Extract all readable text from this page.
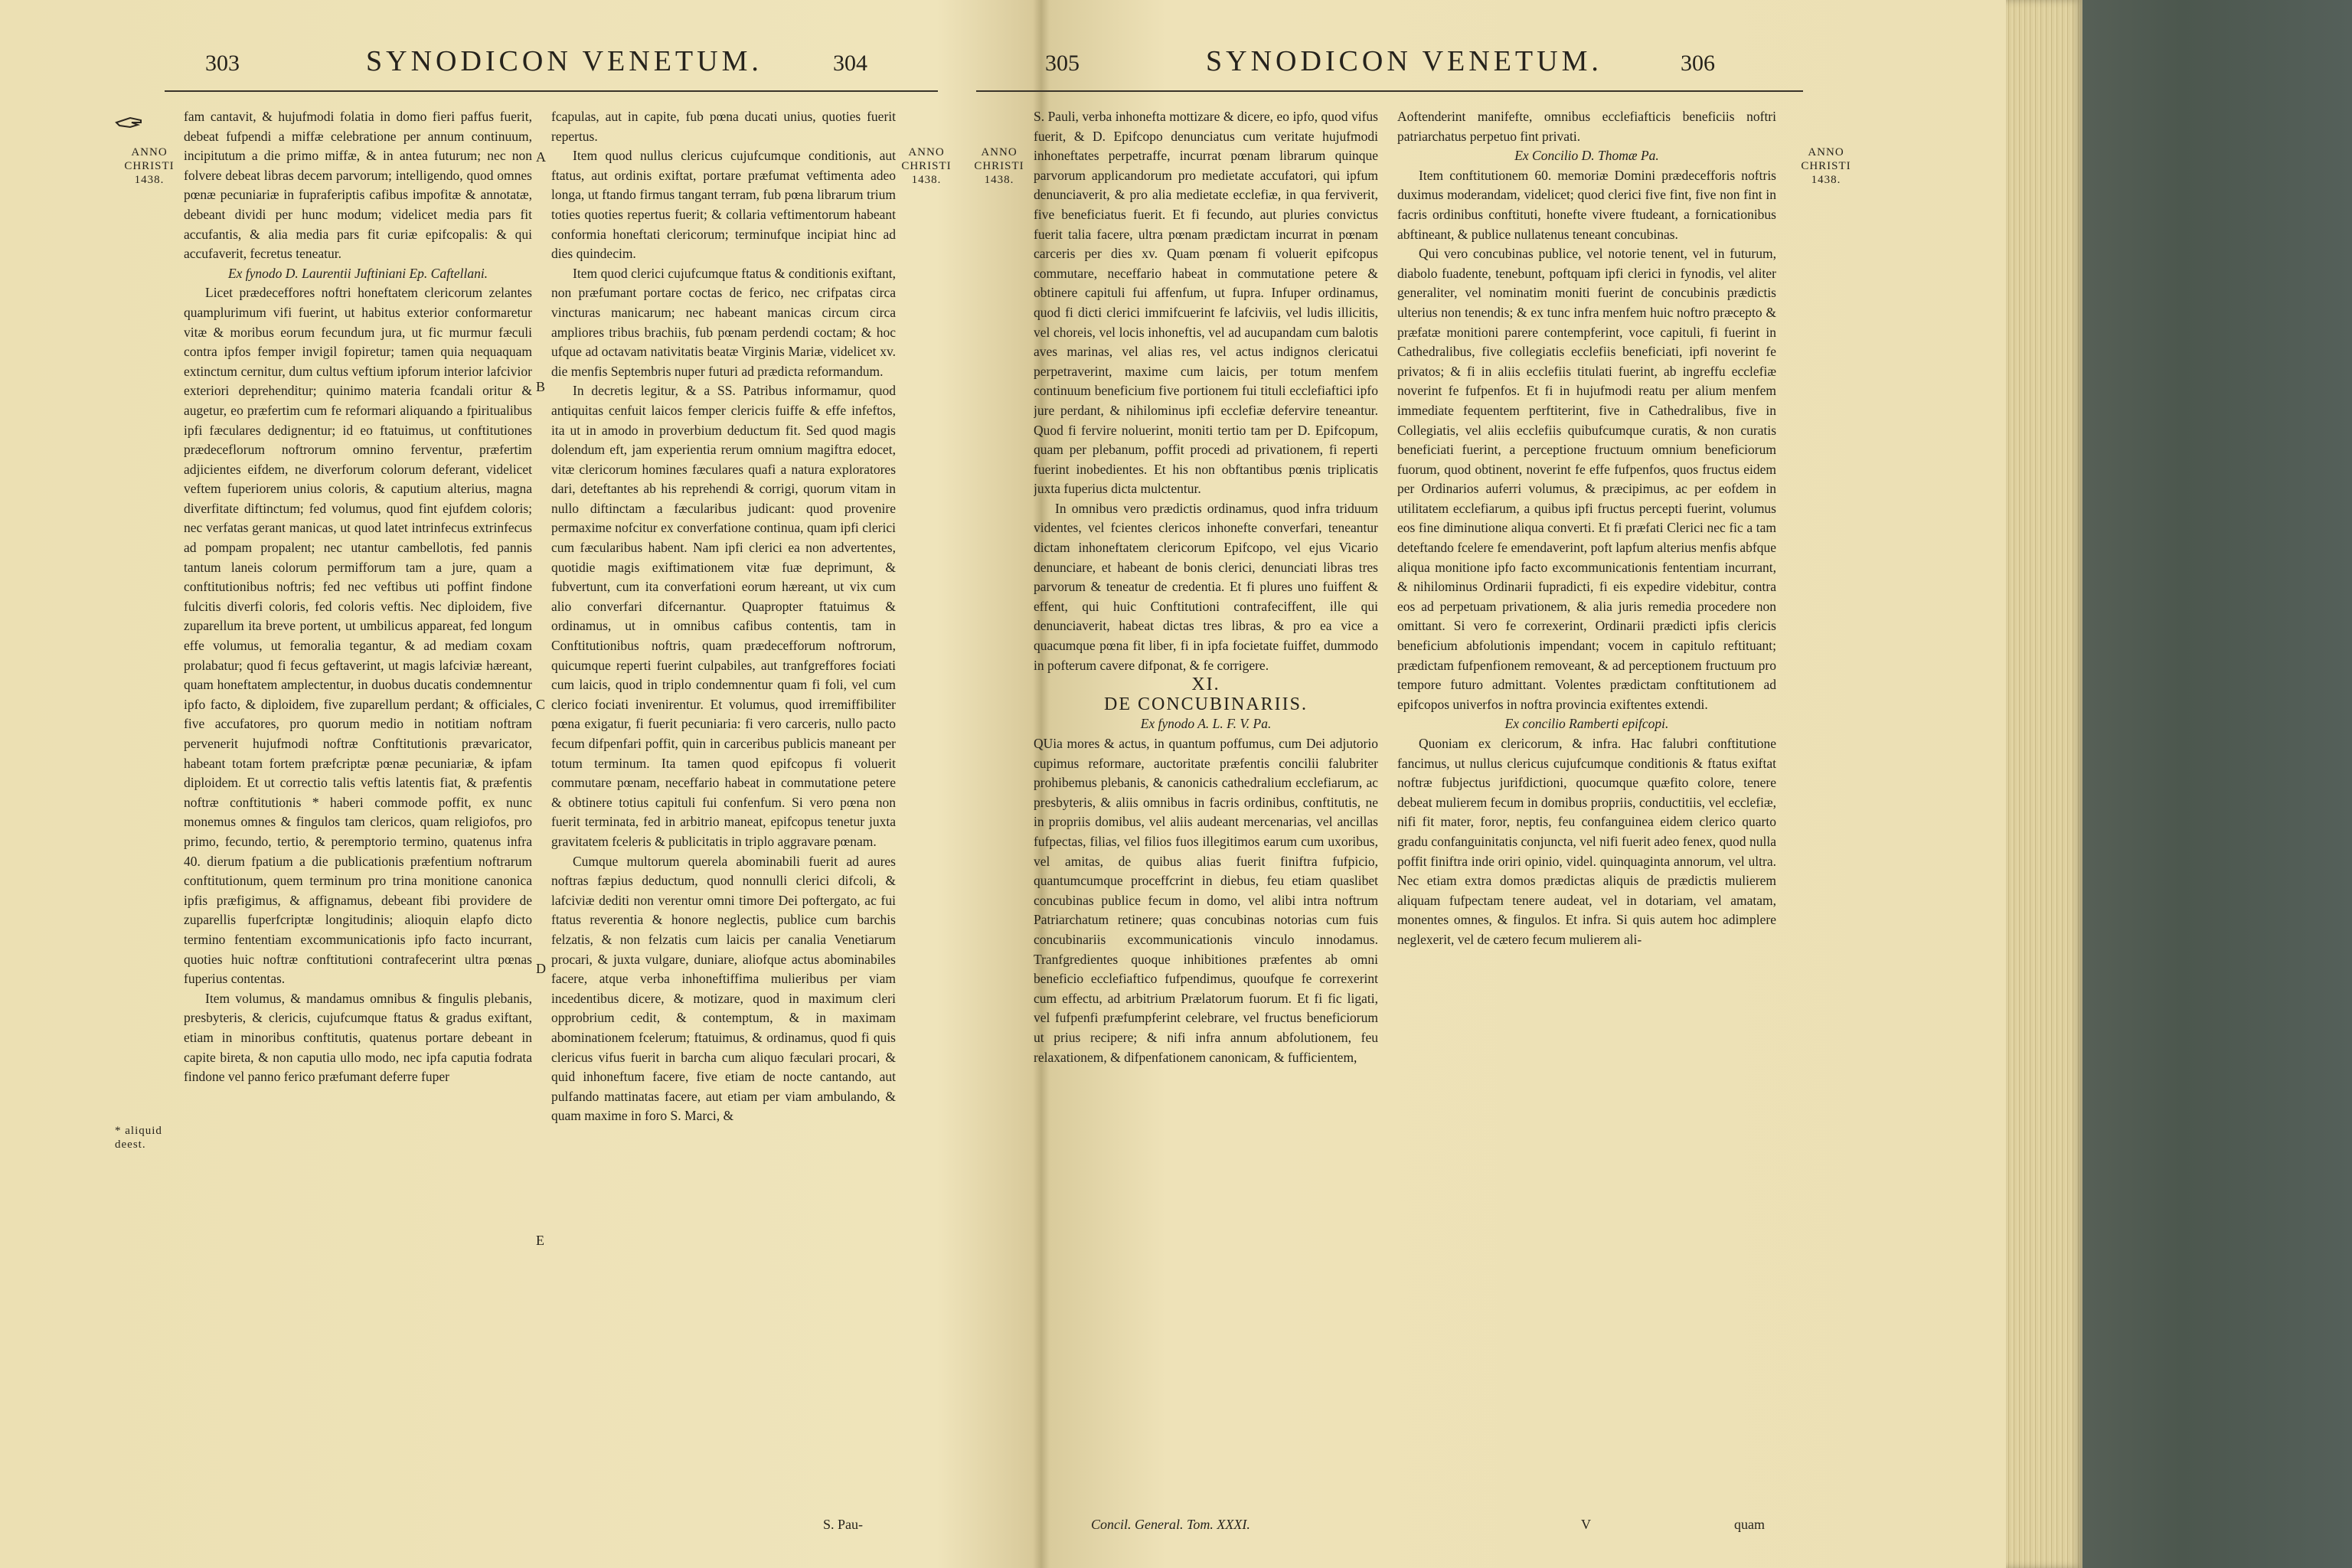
303	SYNODICON VENETUM.	304
ANNO
CHRISTI
1438.
* aliquid deest.

fam cantavit, & hujufmodi folatia in domo fieri paffus fuerit, debeat fufpendi a miffæ celebratione per annum continuum, incipitutum a die primo miffæ, & in antea futurum; nec non folvere debeat libras decem parvorum; intelligendo, quod omnes pœnæ pecuniariæ in fupraferiptis cafibus impofitæ & annotatæ, debeant dividi per hunc modum; videlicet media pars fit accufantis, & alia media pars fit curiæ epifcopalis: & qui accufaverit, fecretus teneatur.

Ex fynodo D. Laurentii Juftiniani Ep. Caftellani.

Licet prædeceffores noftri honeftatem clericorum zelantes quamplurimum vifi fuerint, ut habitus exterior conformaretur vitæ & moribus eorum fecundum jura, ut fic murmur fæculi contra ipfos femper invigil fopiretur; tamen quia nequaquam extinctum cernitur, dum cultus veftium ipforum interior lafcivior exteriori deprehenditur; quinimo materia fcandali oritur & augetur, eo præfertim cum fe reformari aliquando a fpiritualibus ipfi fæculares dedignentur; id eo ftatuimus, ut conftitutiones prædeceflorum noftrorum omnino ferventur, præfertim adjicientes eifdem, ne diverforum colorum deferant, videlicet veftem fuperiorem unius coloris, & caputium alterius, magna diverfitate diftinctum; fed volumus, quod fint ejufdem coloris; nec verfatas gerant manicas, ut quod latet intrinfecus extrinfecus ad pompam propalent; nec utantur cambellotis, fed pannis tantum laneis colorum permifforum tam a jure, quam a conftitutionibus noftris; fed nec veftibus uti poffint findone fulcitis diverfi coloris, fed coloris veftis. Nec diploidem, five zuparellum ita breve portent, ut umbilicus appareat, fed longum effe volumus, ut femoralia tegantur, & ad mediam coxam prolabatur; quod fi fecus geftaverint, ut magis lafciviæ hæreant, quam honeftatem amplectentur, in duobus ducatis condemnentur ipfo facto, & diploidem, five zuparellum perdant; & officiales, five accufatores, pro quorum medio in notitiam noftram pervenerit hujufmodi noftræ Conftitutionis prævaricator, habeant totam fortem præfcriptæ pœnæ pecuniariæ, & ipfam diploidem. Et ut correctio talis veftis latentis fiat, & præfentis noftræ conftitutionis * haberi commode poffit, ex nunc monemus omnes & fingulos tam clericos, quam religiofos, pro primo, fecundo, tertio, & peremptorio termino, quatenus infra 40. dierum fpatium a die publicationis præfentium noftrarum conftitutionum, quem terminum pro trina monitione canonica ipfis præfigimus, & affignamus, debeant fibi providere de zuparellis fuperfcriptæ longitudinis; alioquin elapfo dicto termino fententiam excommunicationis ipfo facto incurrant, quoties huic noftræ conftitutioni contrafecerint ultra pœnas fuperius contentas.

Item volumus, & mandamus omnibus & fingulis plebanis, presbyteris, & clericis, cujufcumque ftatus & gradus exiftant, etiam in minoribus conftitutis, quatenus portare debeant in capite bireta, & non caputia ullo modo, nec ipfa caputia fodrata findone vel panno ferico præfumant deferre fuper

A
B
C
D
E

fcapulas, aut in capite, fub pœna ducati unius, quoties fuerit repertus.

Item quod nullus clericus cujufcumque conditionis, aut ftatus, aut ordinis exiftat, portare præfumat veftimenta adeo longa, ut ftando firmus tangant terram, fub pœna librarum trium toties quoties repertus fuerit; & collaria veftimentorum habeant conformia honeftati clericorum; terminufque incipiat hinc ad dies quindecim.

Item quod clerici cujufcumque ftatus & conditionis exiftant, non præfumant portare coctas de ferico, nec crifpatas circa vincturas manicarum; nec habeant manicas circum circa ampliores tribus brachiis, fub pœnam perdendi coctam; & hoc ufque ad octavam nativitatis beatæ Virginis Mariæ, videlicet xv. die menfis Septembris nuper futuri ad prædicta reformandum.

In decretis legitur, & a SS. Patribus informamur, quod antiquitas cenfuit laicos femper clericis fuiffe & effe infeftos, ita ut in amodo in proverbium deductum fit. Sed quod magis dolendum eft, jam experientia rerum omnium magiftra edocet, vitæ clericorum homines fæculares quafi a natura exploratores dari, deteftantes ab his reprehendi & corrigi, quorum vitam in nullo diftinctam a fæcularibus judicant: quod provenire permaxime nofcitur ex converfatione continua, quam ipfi clerici cum fæcularibus habent. Nam ipfi clerici ea non advertentes, quotidie magis exiftimationem vitæ fuæ deprimunt, & fubvertunt, cum ita converfationi eorum hæreant, ut vix cum alio converfari difcernantur. Quapropter ftatuimus & ordinamus, ut in omnibus cafibus contentis, tam in Conftitutionibus noftris, quam prædecefforum noftrorum, quicumque reperti fuerint culpabiles, aut tranfgreffores fociati cum laicis, quod in triplo condemnentur quam fi foli, vel cum clerico fociati invenirentur. Et volumus, quod irremiffibiliter pœna exigatur, fi fuerit pecuniaria: fi vero carceris, nullo pacto fecum difpenfari poffit, quin in carceribus publicis maneant per totum terminum. Ita tamen quod epifcopus fi voluerit commutare pœnam, neceffario habeat in commutatione petere & obtinere totius capituli fui confenfum. Si vero pœna non fuerit terminata, fed in arbitrio maneat, epifcopus tenetur juxta gravitatem fceleris & publicitatis in triplo aggravare pœnam.

Cumque multorum querela abominabili fuerit ad aures noftras fæpius deductum, quod nonnulli clerici difcoli, & lafciviæ dediti non verentur omni timore Dei poftergato, ac fui ftatus reverentia & honore neglectis, publice cum barchis felzatis, & non felzatis cum laicis per canalia Venetiarum procari, & juxta vulgare, duniare, aliofque actus abominabiles facere, atque verba inhoneftiffima mulieribus per viam incedentibus dicere, & motizare, quod in maximum cleri opprobrium cedit, & contemptum, & in maximam abominationem fcelerum; ftatuimus, & ordinamus, quod fi quis clericus vifus fuerit in barcha cum aliquo fæculari procari, & quid inhoneftum facere, five etiam de nocte cantando, aut pulfando mattinatas facere, aut etiam per viam ambulando, & quam maxime in foro S. Marci, &

S. Pau-
ANNO
CHRISTI
1438.
305	SYNODICON VENETUM.	306
ANNO
CHRISTI
1438.

S. Pauli, verba inhonefta mottizare & dicere, eo ipfo, quod vifus fuerit, & D. Epifcopo denunciatus cum veritate hujufmodi inhoneftates perpetraffe, incurrat pœnam librarum quinque parvorum applicandorum pro medietate accufatori, qui ipfum denunciaverit, & pro alia medietate ecclefiæ, in qua ferviverit, five beneficiatus fuerit. Et fi fecundo, aut pluries convictus fuerit talia facere, ultra pœnam prædictam incurrat in pœnam carceris per dies xv. Quam pœnam fi voluerit epifcopus commutare, neceffario habeat in commutatione petere & obtinere capituli fui affenfum, ut fupra. Infuper ordinamus, quod fi dicti clerici immifcuerint fe lafciviis, vel ludis illicitis, vel choreis, vel locis inhoneftis, vel ad aucupandam cum balotis aves marinas, vel alias res, vel actus indignos clericatui perpetraverint, maxime cum laicis, per totum menfem continuum beneficium five portionem fui tituli ecclefiaftici ipfo jure perdant, & nihilominus ipfi ecclefiæ defervire teneantur. Quod fi fervire noluerint, moniti tertio tam per D. Epifcopum, quam per plebanum, poffit procedi ad privationem, fi reperti fuerint inobedientes. Et his non obftantibus pœnis triplicatis juxta fuperius dicta mulctentur.

In omnibus vero prædictis ordinamus, quod infra triduum videntes, vel fcientes clericos inhonefte converfari, teneantur dictam inhoneftatem clericorum Epifcopo, vel ejus Vicario denunciare, et habeant de bonis clerici, denunciati libras tres parvorum & teneatur de credentia. Et fi plures uno fuiffent & effent, qui huic Conftitutioni contrafeciffent, ille qui denunciaverit, habeat dictas tres libras, & pro ea vice a quacumque pœna fit liber, fi in ipfa focietate fuiffet, dummodo in pofterum cavere difponat, & fe corrigere.

XI.

DE CONCUBINARIIS.

Ex fynodo A. L. F. V. Pa.

QUia mores & actus, in quantum poffumus, cum Dei adjutorio cupimus reformare, auctoritate præfentis concilii falubriter prohibemus plebanis, & canonicis cathedralium ecclefiarum, ac presbyteris, & aliis omnibus in facris ordinibus, conftitutis, ne in propriis domibus, vel aliis audeant mercenarias, vel ancillas fufpectas, filias, vel filios fuos illegitimos earum cum uxoribus, vel amitas, de quibus alias fuerit finiftra fufpicio, quantumcumque proceffcrint in diebus, feu etiam quaslibet concubinas publice fecum in domo, vel alibi intra noftrum Patriarchatum retinere; quas concubinas notorias cum fuis concubinariis excommunicationis vinculo innodamus. Tranfgredientes quoque inhibitiones præfentes ab omni beneficio ecclefiaftico fufpendimus, quoufque fe correxerint cum effectu, ad arbitrium Prælatorum fuorum. Et fi fic ligati, vel fufpenfi præfumpferint celebrare, vel fructus beneficiorum ut prius recipere; & nifi infra annum abfolutionem, feu relaxationem, & difpenfationem canonicam, & fufficientem,

Concil. General. Tom. XXXI.

Aoftenderint manifefte, omnibus ecclefiafticis beneficiis noftri patriarchatus perpetuo fint privati.

Ex Concilio D. Thomæ Pa.

Item conftitutionem 60. memoriæ Domini prædecefforis noftris duximus moderandam, videlicet; quod clerici five fint, five non fint in facris ordinibus conftituti, honefte vivere ftudeant, a fornicationibus abftineant, & publice nullatenus teneant concubinas.

Qui vero concubinas publice, vel notorie tenent, vel in futurum, diabolo fuadente, tenebunt, poftquam ipfi clerici in fynodis, vel aliter generaliter, vel nominatim moniti fuerint de concubinis prædictis ulterius non tenendis; & ex tunc infra menfem huic noftro præcepto & præfatæ monitioni parere contempferint, voce capituli, fi fuerint in Cathedralibus, five collegiatis ecclefiis beneficiati, ipfi noverint fe privatos; & fi in aliis ecclefiis titulati fuerint, ab ingreffu ecclefiæ noverint fe fufpenfos. Et fi in hujufmodi reatu per alium menfem immediate fequentem perftiterint, five in Cathedralibus, five in Collegiatis, vel aliis ecclefiis quibufcumque curatis, & non curatis beneficiati fuerint, a perceptione fructuum omnium beneficiorum fuorum, quod obtinent, noverint fe effe fufpenfos, quos fructus eidem per Ordinarios auferri volumus, & præcipimus, ac per eofdem in utilitatem ecclefiarum, a quibus ipfi fructus percepti fuerint, volumus eos fine diminutione aliqua converti. Et fi præfati Clerici nec fic a tam deteftando fcelere fe emendaverint, poft lapfum alterius menfis abfque aliqua monitione ipfo facto excommunicationis fententiam incurrant, & nihilominus Ordinarii fupradicti, fi eis expedire videbitur, contra eos ad perpetuam privationem, & alia juris remedia procedere non omittant. Si vero fe correxerint, Ordinarii prædicti ipfis clericis beneficium abfolutionis impendant; vocem in capitulo reftituant; prædictam fufpenfionem removeant, & ad perceptionem fructuum pro tempore futuro admittant. Volentes prædictam conftitutionem ad epifcopos univerfos in noftra provincia exiftentes extendi.

Ex concilio Ramberti epifcopi.

Quoniam ex clericorum, & infra. Hac falubri conftitutione fancimus, ut nullus clericus cujufcumque conditionis & ftatus exiftat noftræ fubjectus jurifdictioni, quocumque quæfito colore, tenere debeat mulierem fecum in domibus propriis, conductitiis, vel ecclefiæ, nifi fit mater, foror, neptis, feu confanguinea eidem clerico quarto gradu confanguinitatis conjuncta, vel nifi fuerit adeo fenex, quod nulla poffit finiftra inde oriri opinio, videl. quinquaginta annorum, vel ultra. Nec etiam extra domos prædictas aliquis de prædictis mulierem aliquam fufpectam tenere audeat, vel in dotariam, vel amatam, monentes omnes, & fingulos. Et infra. Si quis autem hoc adimplere neglexerit, vel de cætero fecum mulierem ali-

V	quam
ANNO
CHRISTI
1438.
